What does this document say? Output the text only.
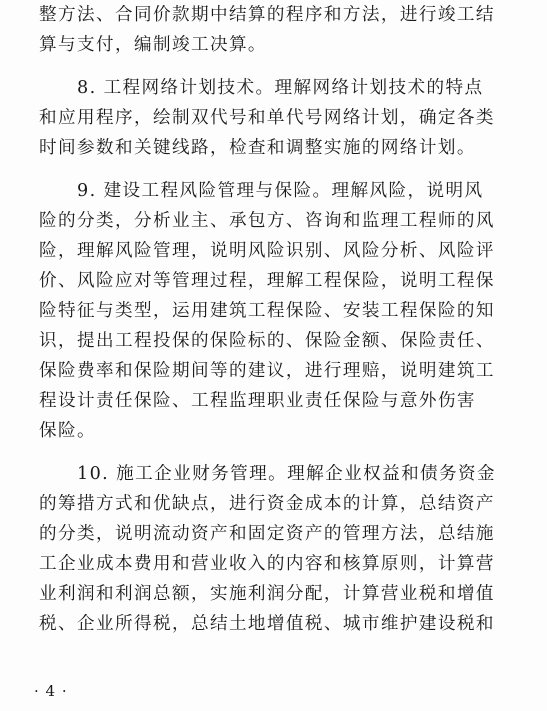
整方法、合同价款期中结算的程序和方法，进行竣工结
算与支付，编制竣工决算。

　　8. 工程网络计划技术。理解网络计划技术的特点
和应用程序，绘制双代号和单代号网络计划，确定各类
时间参数和关键线路，检查和调整实施的网络计划。

　　9. 建设工程风险管理与保险。理解风险，说明风
险的分类，分析业主、承包方、咨询和监理工程师的风
险，理解风险管理，说明风险识别、风险分析、风险评
价、风险应对等管理过程，理解工程保险，说明工程保
险特征与类型，运用建筑工程保险、安装工程保险的知
识，提出工程投保的保险标的、保险金额、保险责任、
保险费率和保险期间等的建议，进行理赔，说明建筑工
程设计责任保险、工程监理职业责任保险与意外伤害
保险。

　　10. 施工企业财务管理。理解企业权益和债务资金
的筹措方式和优缺点，进行资金成本的计算，总结资产
的分类，说明流动资产和固定资产的管理方法，总结施
工企业成本费用和营业收入的内容和核算原则，计算营
业利润和利润总额，实施利润分配，计算营业税和增值
税、企业所得税，总结土地增值税、城市维护建设税和

· 4 ·
